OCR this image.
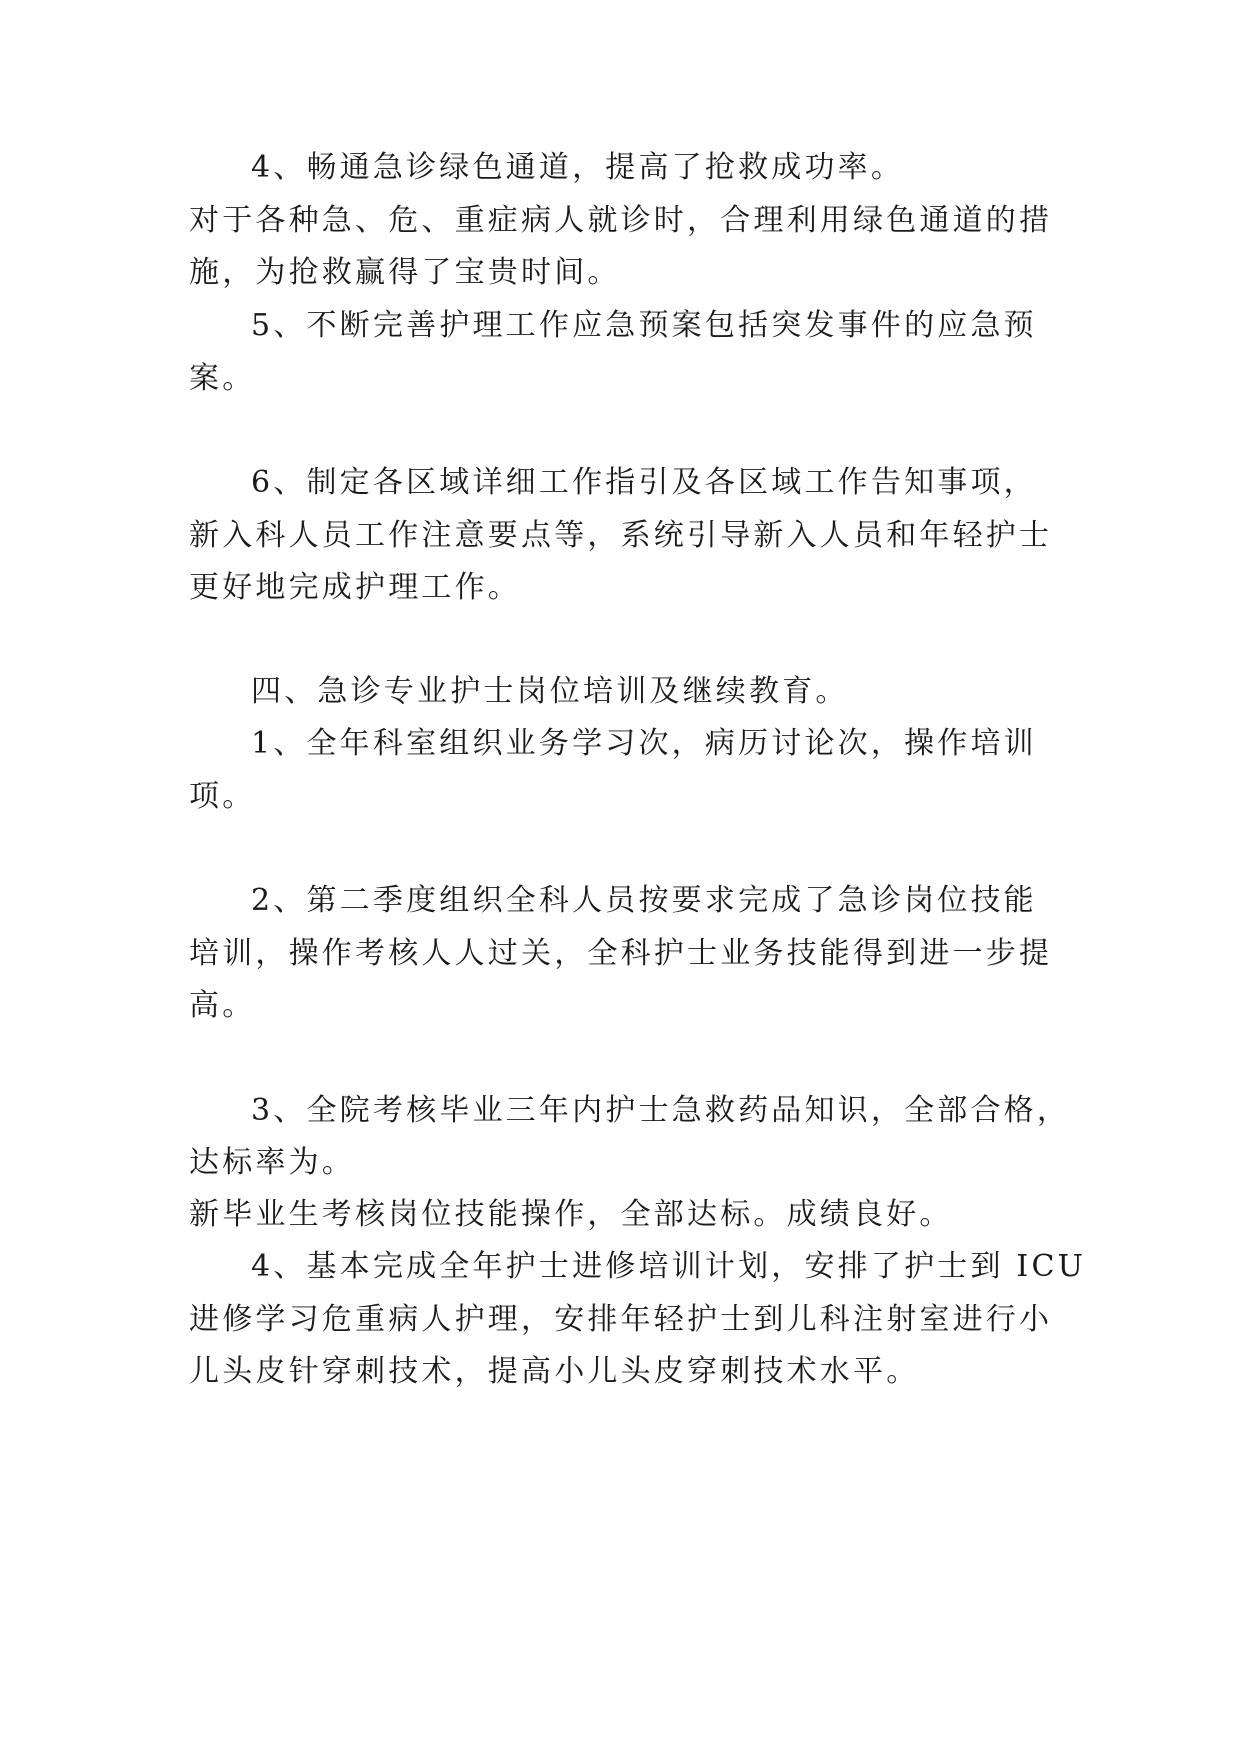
4、畅通急诊绿色通道，提高了抢救成功率。
对于各种急、危、重症病人就诊时，合理利用绿色通道的措
施，为抢救赢得了宝贵时间。
5、不断完善护理工作应急预案包括突发事件的应急预
案。
6、制定各区域详细工作指引及各区域工作告知事项，
新入科人员工作注意要点等，系统引导新入人员和年轻护士
更好地完成护理工作。
四、急诊专业护士岗位培训及继续教育。
1、全年科室组织业务学习次，病历讨论次，操作培训
项。
2、第二季度组织全科人员按要求完成了急诊岗位技能
培训，操作考核人人过关，全科护士业务技能得到进一步提
高。
3、全院考核毕业三年内护士急救药品知识，全部合格，
达标率为。
新毕业生考核岗位技能操作，全部达标。成绩良好。
4、基本完成全年护士进修培训计划，安排了护士到 ICU
进修学习危重病人护理，安排年轻护士到儿科注射室进行小
儿头皮针穿刺技术，提高小儿头皮穿刺技术水平。
